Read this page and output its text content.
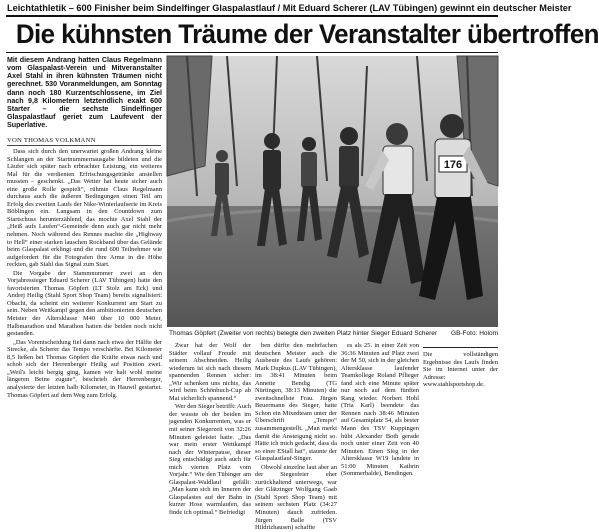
Leichtathletik – 600 Finisher beim Sindelfinger Glaspalastlauf / Mit Eduard Scherer (LAV Tübingen) gewinnt ein deutscher Meister
Die kühnsten Träume der Veranstalter übertroffen
Mit diesem Andrang hatten Claus Regelmann vom Glaspalast-Verein und Mitveranstalter Axel Stahl in ihren kühnsten Träumen nicht gerechnet. 530 Voranmeldungen, am Sonntag dann noch 180 Kurzentschlossene, im Ziel nach 9,8 Kilometern letztendlich exakt 600 Starter – die sechste Sindelfinger Glaspalastlauf geriet zum Laufevent der Superlative.
VON THOMAS VOLKMANN

Dass sich durch den unerwartet großen Andrang kleine Schlangen an der Startnummernausgabe bildeten und die Läufer sich später nach erbrachter Leistung, ein weiteres Mal für die verdienten Erfrischungsgetränke anstellen mussten – geschenkt. „Das Wetter hat heute sicher auch eine große Rolle gespielt“, rühmte Claus Regelmann durchaus auch die äußeren Bedingungen einen Teil am Erfolg des zweiten Laufs der Nike-Winterlaufserie im Kreis Böblingen ein. Langsam in den Countdown zum Startschuss herunterzählend, das mochte Axel Stahl der „Heiß aufs Laufen“-Gemeinde denn auch gar nicht mehr nehmen. Noch während des Rennes machte die „Highway to Hell“ einer starken lauschen Rockband über das Gelände beim Glaspalast erklingt und die rund 600 Teilnehmer wie aufgefordert für die Fotografen ihre Arme in die Höhe reckten, gab Stahl das Signal zum Start.

Die Vorgabe der Stammnummer zwei an den Vorjahressieger Eduard Scherer (LAV Tübingen) hatte den favorisierten Thomas Göpfert (LT Stolz am Eck) und Andrej Heilig (Stahl Sport Shop Team) bereits signalisiert: Obacht, da scheint ein weiterer Konkurrent am Start zu sein. Neben Weitkampf gegen den ambitionierten deutschen Meister der Altersklasse M40 über 10 000 Meter, Halbmarathon und Marathon hatten die beiden noch nicht gestanden.

„Das Vorentscheidung fiel dann nach etwa der Hälfte der Strecke, als Scherer das Tempo verschärfte. Bei Kilometer 8,5 ließen bei Thomas Göpfert die Kräfte etwas nach und schob sich der Herrenberger Heilig auf Position zwei. „Weil's leicht bergig ging, kamen wir halt wohl meine längeren Beine zugute“, beschrieb der Herrenberger, analysierte der letzten halb Kilometer, in Hauwil gestartet. Thomas Göpfert auf dem Weg zum Erfolg.

176
Thomas Göpfert (Zweiter von rechts) belegte den zweiten Platz hinter Sieger Eduard Scherer GB-Foto: Holom

Zwar hat der Wolf der Städter vollauf Freude mit seinem Abschneiden. Heilig wiederum ist sich nach diesem spannenden Rennen sicher: „Wir schenken uns nichts, das wird beim Schönbuch-Cup ab Mai sicherlich spannend.“

Wer den Sieger betrifft: Auch der wusste ob der beiden im jagenden Konkurrenten, was er mit seiner Siegerzeit von 32:26 Minuten geleistet hatte. „Das war mein erster Wettkampf nach der Winterpause, dieser Sieg entschädigt auch auch für mich vierten Platz vom Vorjahr.“ Wie den Tübinger am Glaspalast-Waldlauf gefällt: „Man kann sich im Inneren der Glaspalastes auf der Bahn in kurzer Hose warmlaufen, das finde ich optimal.“ Befriedigt

ben dürfte den mehrfachen deutschen Meister auch die Ausbeute des Laufs gehören: Mark Dupkus (LAV Tübingen), im 38:41 Minuten beim Annette Bendig (TG Nürtingen, 38:13 Minuten) die zweitschnellste Frau. Jürgen Beuermann des Sieger, hatte Schon ein Mixedteam unter der Überschrift „Tempo“ zusammengestellt. „Man merkt damit die Ansteigung nicht so. Hätte ich mich gedacht, dass da so einer EStall hat“, staunte der Glaspalastlauf-Singer.

Obwohl einzelne laut aber an der Siegesfeier eher zurückhaltend unterwegs, war der Glätzinger Wolfgang Gaab (Stahl Sport Shop Team) mit seinem sechsten Platz (34:27 Minuten) dauch zufrieden. Jürgen Balle (TSV Hildrizhausen) schaffte

es als 25. in einer Zeit von 36:36 Minuten auf Platz zwei der M 50, sich in der gleichen Altersklasse laufender Teamkollege Roland Pflieger fand sich eine Minute später nur noch auf dem fünften Rang wieder. Norbert Hohl (Tria Karl) beendete das Rennen nach 38:46 Minuten auf Gesamtplatz 54, als bester Mann des TSV Kuppingen hübt Alexander Both gerade noch unter einer Zeit von 40 Minuten. Einen Sieg in der Altersklasse W19 landete in 51:00 Minuten Kathrin (Sommerhalde), Bendingen.

Die vollständigen Ergebnisse des Laufs finden Sie im Internet unter der Adresse: www.stahlsportshop.de.
